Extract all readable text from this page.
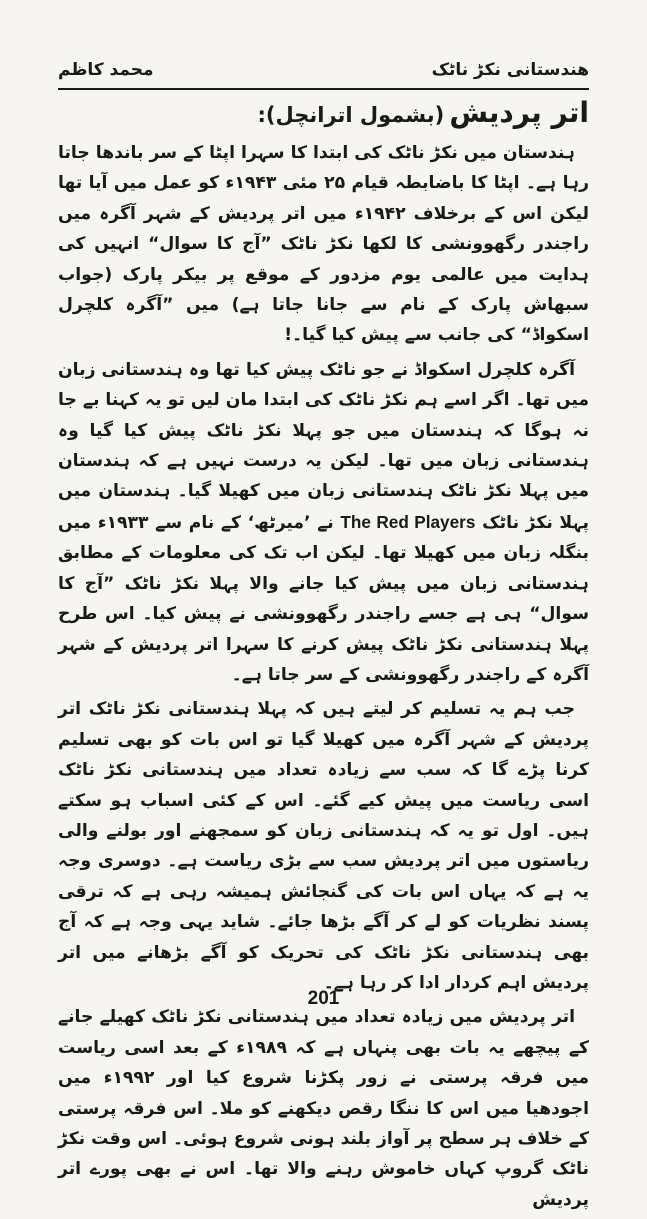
هندستانی نکڑ ناٹک
محمد کاظم
اتر پردیش (بشمول اترانچل):

ہندستان میں نکڑ ناٹک کی ابتدا کا سہرا اپٹا کے سر باندھا جاتا رہا ہے۔ اپٹا کا باضابطہ قیام ۲۵ مئی ۱۹۴۳ء کو عمل میں آیا تھا لیکن اس کے برخلاف ۱۹۴۲ء میں اتر پردیش کے شہر آگرہ میں راجندر رگھوونشی کا لکھا نکڑ ناٹک ”آج کا سوال“ انہیں کی ہدایت میں عالمی یوم مزدور کے موقع پر بیکر پارک (جواب سبھاش پارک کے نام سے جانا جاتا ہے) میں ”آگرہ کلچرل اسکواڈ“ کی جانب سے پیش کیا گیا۔!

آگرہ کلچرل اسکواڈ نے جو ناٹک پیش کیا تھا وہ ہندستانی زبان میں تھا۔ اگر اسے ہم نکڑ ناٹک کی ابتدا مان لیں تو یہ کہنا بے جا نہ ہوگا کہ ہندستان میں جو پہلا نکڑ ناٹک پیش کیا گیا وہ ہندستانی زبان میں تھا۔ لیکن یہ درست نہیں ہے کہ ہندستان میں پہلا نکڑ ناٹک ہندستانی زبان میں کھیلا گیا۔ ہندستان میں پہلا نکڑ ناٹک The Red Players نے ’میرٹھ‘ کے نام سے ۱۹۳۳ء میں بنگلہ زبان میں کھیلا تھا۔ لیکن اب تک کی معلومات کے مطابق ہندستانی زبان میں پیش کیا جانے والا پہلا نکڑ ناٹک ”آج کا سوال“ ہی ہے جسے راجندر رگھوونشی نے پیش کیا۔ اس طرح پہلا ہندستانی نکڑ ناٹک پیش کرنے کا سہرا اتر پردیش کے شہر آگرہ کے راجندر رگھوونشی کے سر جاتا ہے۔

جب ہم یہ تسلیم کر لیتے ہیں کہ پہلا ہندستانی نکڑ ناٹک اتر پردیش کے شہر آگرہ میں کھیلا گیا تو اس بات کو بھی تسلیم کرنا پڑے گا کہ سب سے زیادہ تعداد میں ہندستانی نکڑ ناٹک اسی ریاست میں پیش کیے گئے۔ اس کے کئی اسباب ہو سکتے ہیں۔ اول تو یہ کہ ہندستانی زبان کو سمجھنے اور بولنے والی ریاستوں میں اتر پردیش سب سے بڑی ریاست ہے۔ دوسری وجہ یہ ہے کہ یہاں اس بات کی گنجائش ہمیشہ رہی ہے کہ ترقی پسند نظریات کو لے کر آگے بڑھا جائے۔ شاید یہی وجہ ہے کہ آج بھی ہندستانی نکڑ ناٹک کی تحریک کو آگے بڑھانے میں اتر پردیش اہم کردار ادا کر رہا ہے۔

اتر پردیش میں زیادہ تعداد میں ہندستانی نکڑ ناٹک کھیلے جانے کے پیچھے یہ بات بھی پنہاں ہے کہ ۱۹۸۹ء کے بعد اسی ریاست میں فرقہ پرستی نے زور پکڑنا شروع کیا اور ۱۹۹۲ء میں اجودھیا میں اس کا ننگا رقص دیکھنے کو ملا۔ اس فرقہ پرستی کے خلاف ہر سطح پر آواز بلند ہونی شروع ہوئی۔ اس وقت نکڑ ناٹک گروپ کہاں خاموش رہنے والا تھا۔ اس نے بھی پورے اتر پردیش

201
